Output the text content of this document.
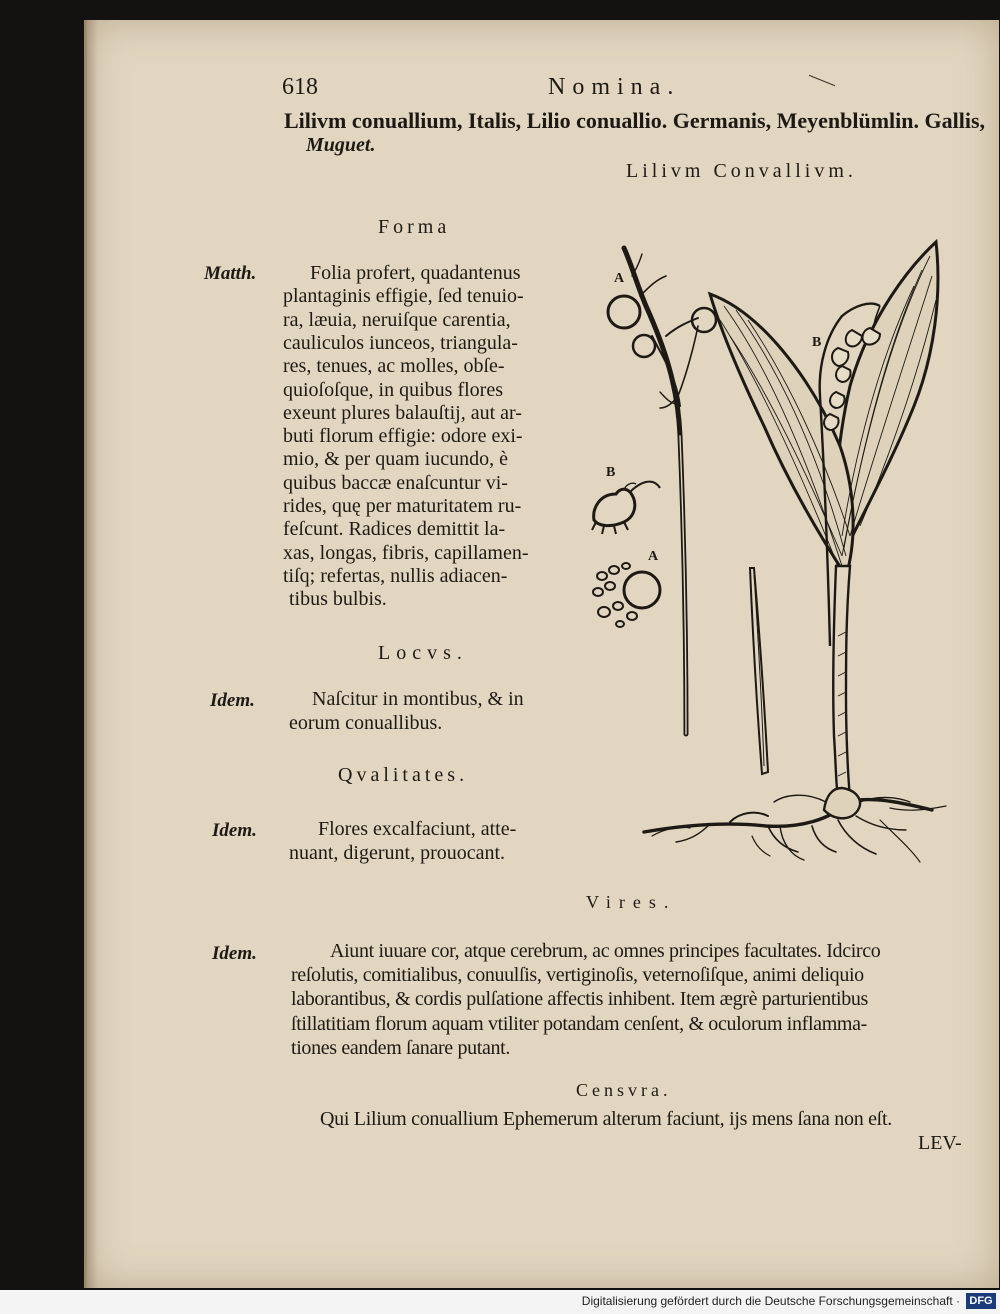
618	Nomina.
Lilivm conuallium, Italis, Lilio conuallio. Germanis, Meyenblümlin. Gallis,
Muguet.
Lilivm Convallivm.
Forma
Matth.	Folia profert, quadantenus
plantaginis effigie, ſed tenuio-
ra, læuia, neruiſque carentia,
cauliculos iunceos, triangula-
res, tenues, ac molles, obſe-
quioſoſque, in quibus flores
exeunt plures balauſtij, aut ar-
buti florum effigie: odore exi-
mio, & per quam iucundo, è
quibus baccæ enaſcuntur vi-
rides, quę per maturitatem ru-
feſcunt. Radices demittit la-
xas, longas, fibris, capillamen-
tiſq; refertas, nullis adiacen-
tibus bulbis.
Locvs.
Idem.	Naſcitur in montibus, & in
eorum conuallibus.
Qvalitates.
Idem.	Flores excalfaciunt, atte-
nuant, digerunt, prouocant.
Vires.
Idem.	Aiunt iuuare cor, atque cerebrum, ac omnes principes facultates. Idcirco
reſolutis, comitialibus, conuulſis, vertiginoſis, veternoſiſque, animi deliquio
laborantibus, & cordis pulſatione affectis inhibent. Item ægrè parturientibus
ſtillatitiam florum aquam vtiliter potandam cenſent, & oculorum inflamma-
tiones eandem ſanare putant.
Censvra.
Qui Lilium conuallium Ephemerum alterum faciunt, ijs mens ſana non eſt.
LEV-
A
B
B
A
Digitalisierung gefördert durch die Deutsche Forschungsgemeinschaft · DFG
